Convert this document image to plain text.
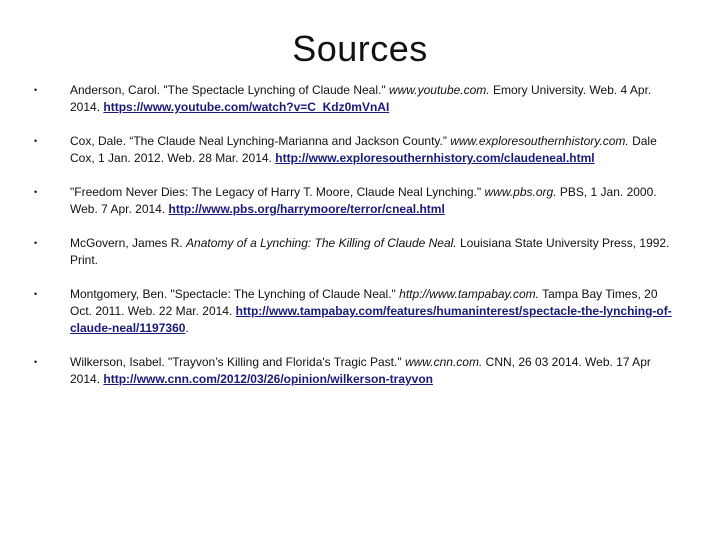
Sources
•	Anderson, Carol. "The Spectacle Lynching of Claude Neal." www.youtube.com. Emory University. Web. 4 Apr. 2014. https://www.youtube.com/watch?v=C_Kdz0mVnAI
•	Cox, Dale. “The Claude Neal Lynching-Marianna and Jackson County.” www.exploresouthernhistory.com. Dale Cox, 1 Jan. 2012. Web. 28 Mar. 2014. http://www.exploresouthernhistory.com/claudeneal.html
•	"Freedom Never Dies: The Legacy of Harry T. Moore, Claude Neal Lynching." www.pbs.org. PBS, 1 Jan. 2000. Web. 7 Apr. 2014. http://www.pbs.org/harrymoore/terror/cneal.html
•	McGovern, James R. Anatomy of a Lynching: The Killing of Claude Neal. Louisiana State University Press, 1992. Print.
•	Montgomery, Ben. "Spectacle: The Lynching of Claude Neal." http://www.tampabay.com. Tampa Bay Times, 20 Oct. 2011. Web. 22 Mar. 2014. http://www.tampabay.com/features/humaninterest/spectacle-the-lynching-of-claude-neal/1197360.
•	Wilkerson, Isabel. "Trayvon’s Killing and Florida's Tragic Past." www.cnn.com. CNN, 26 03 2014. Web. 17 Apr 2014. http://www.cnn.com/2012/03/26/opinion/wilkerson-trayvon
